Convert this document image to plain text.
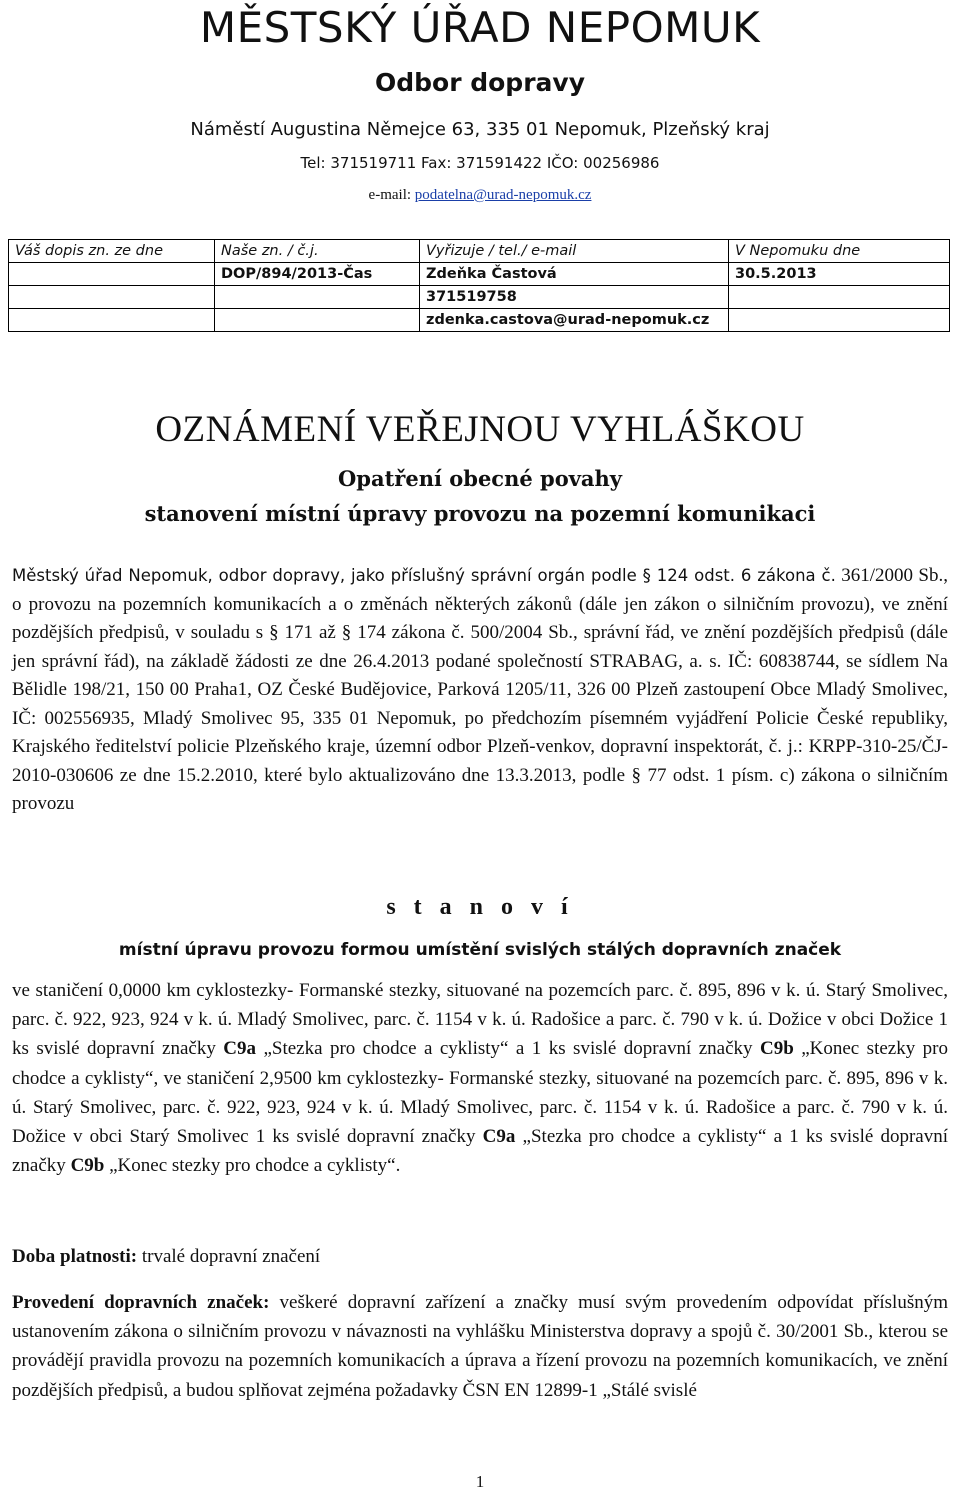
MĚSTSKÝ ÚŘAD NEPOMUK
Odbor dopravy
Náměstí Augustina Němejce 63, 335 01 Nepomuk, Plzeňský kraj
Tel: 371519711 Fax: 371591422 IČO: 00256986
e-mail: podatelna@urad-nepomuk.cz
Váš dopis zn. ze dne	Naše zn. / č.j.	Vyřizuje / tel./ e-mail	V Nepomuku dne
	DOP/894/2013-Čas	Zdeňka Častová	30.5.2013
		371519758	
		zdenka.castova@urad-nepomuk.cz	
OZNÁMENÍ VEŘEJNOU VYHLÁŠKOU
Opatření obecné povahy
stanovení místní úpravy provozu na pozemní komunikaci
Městský úřad Nepomuk, odbor dopravy, jako příslušný správní orgán podle § 124 odst. 6 zákona č. 361/2000 Sb., o provozu na pozemních komunikacích a o změnách některých zákonů (dále jen zákon o silničním provozu), ve znění pozdějších předpisů, v souladu s § 171 až § 174 zákona č. 500/2004 Sb., správní řád, ve znění pozdějších předpisů (dále jen správní řád), na základě žádosti ze dne 26.4.2013 podané společností STRABAG, a. s. IČ: 60838744, se sídlem Na Bělidle 198/21, 150 00 Praha1, OZ České Budějovice, Parková 1205/11, 326 00 Plzeň zastoupení Obce Mladý Smolivec, IČ: 002556935, Mladý Smolivec 95, 335 01 Nepomuk, po předchozím písemném vyjádření Policie České republiky, Krajského ředitelství policie Plzeňského kraje, územní odbor Plzeň-venkov, dopravní inspektorát, č. j.: KRPP-310-25/ČJ-2010-030606 ze dne 15.2.2010, které bylo aktualizováno dne 13.3.2013, podle § 77 odst. 1 písm. c) zákona o silničním provozu
s t a n o v í
místní úpravu provozu formou umístění svislých stálých dopravních značek
ve staničení 0,0000 km cyklostezky- Formanské stezky, situované na pozemcích parc. č. 895, 896 v k. ú. Starý Smolivec, parc. č. 922, 923, 924 v k. ú. Mladý Smolivec, parc. č. 1154 v k. ú. Radošice a parc. č. 790 v k. ú. Dožice v obci Dožice 1 ks svislé dopravní značky C9a „Stezka pro chodce a cyklisty“ a 1 ks svislé dopravní značky C9b „Konec stezky pro chodce a cyklisty“, ve staničení 2,9500 km cyklostezky- Formanské stezky, situované na pozemcích parc. č. 895, 896 v k. ú. Starý Smolivec, parc. č. 922, 923, 924 v k. ú. Mladý Smolivec, parc. č. 1154 v k. ú. Radošice a parc. č. 790 v k. ú. Dožice v obci Starý Smolivec 1 ks svislé dopravní značky C9a „Stezka pro chodce a cyklisty“ a 1 ks svislé dopravní značky C9b „Konec stezky pro chodce a cyklisty“.
Doba platnosti: trvalé dopravní značení
Provedení dopravních značek: veškeré dopravní zařízení a značky musí svým provedením odpovídat příslušným ustanovením zákona o silničním provozu v návaznosti na vyhlášku Ministerstva dopravy a spojů č. 30/2001 Sb., kterou se provádějí pravidla provozu na pozemních komunikacích a úprava a řízení provozu na pozemních komunikacích, ve znění pozdějších předpisů, a budou splňovat zejména požadavky ČSN EN 12899-1 „Stálé svislé
1
